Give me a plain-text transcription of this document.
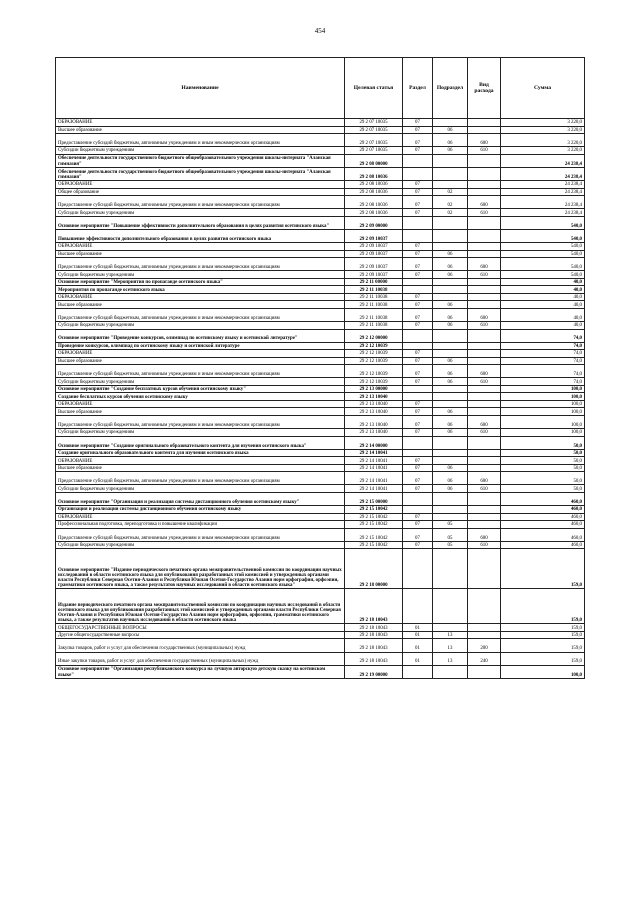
454
Наименование	Целевая статья	Раздел	Подраздел	Вид расхода	Сумма
ОБРАЗОВАНИЕ	29 2 07 10035	07			3 220,0
Высшее образование	29 2 07 10035	07	06		3 220,0
Предоставление субсидий бюджетным, автономным учреждениям и иным некоммерческим организациям	29 2 07 10035	07	06	600	3 220,0
Субсидии бюджетным учреждениям	29 2 07 10035	07	06	610	3 220,0
Обеспечение деятельности государственного бюджетного общеобразовательного учреждения школы-интерната "Аланская гимназия"	29 2 08 00000				24 238,4
Обеспечение деятельности государственного бюджетного общеобразовательного учреждения школы-интерната "Аланская гимназия"	29 2 08 10036				24 238,4
ОБРАЗОВАНИЕ	29 2 08 10036	07			24 238,4
Общее образование	29 2 08 10036	07	02		24 238,4
Предоставление субсидий бюджетным, автономным учреждениям и иным некоммерческим организациям	29 2 08 10036	07	02	600	24 238,4
Субсидии бюджетным учреждениям	29 2 08 10036	07	02	610	24 238,4
Основное мероприятие "Повышение эффективности дополнительного образования в целях развития осетинского языка"	29 2 09 00000				540,0
Повышение эффективности дополнительного образования в целях развития осетинского языка	29 2 09 10037				540,0
ОБРАЗОВАНИЕ	29 2 09 10037	07			540,0
Высшее образование	29 2 09 10037	07	06		540,0
Предоставление субсидий бюджетным, автономным учреждениям и иным некоммерческим организациям	29 2 09 10037	07	06	600	540,0
Субсидии бюджетным учреждениям	29 2 09 10037	07	06	610	540,0
Основное мероприятие "Мероприятия по пропаганде осетинского языка"	29 2 11 00000				40,0
Мероприятия по пропаганде осетинского языка	29 2 11 10038				40,0
ОБРАЗОВАНИЕ	29 2 11 10038	07			40,0
Высшее образование	29 2 11 10038	07	06		40,0
Предоставление субсидий бюджетным, автономным учреждениям и иным некоммерческим организациям	29 2 11 10038	07	06	600	40,0
Субсидии бюджетным учреждениям	29 2 11 10038	07	06	610	40,0
Основное мероприятие "Проведение конкурсов, олимпиад по осетинскому языку и осетинской литературе"	29 2 12 00000				74,0
Проведение конкурсов, олимпиад по осетинскому языку и осетинской литературе	29 2 12 10039				74,0
ОБРАЗОВАНИЕ	29 2 12 10039	07			74,0
Высшее образование	29 2 12 10039	07	06		74,0
Предоставление субсидий бюджетным, автономным учреждениям и иным некоммерческим организациям	29 2 12 10039	07	06	600	74,0
Субсидии бюджетным учреждениям	29 2 12 10039	07	06	610	74,0
Основное мероприятие "Создание бесплатных курсов обучения осетинскому языку"	29 2 13 00000				100,0
Создание бесплатных курсов обучения осетинскому языку	29 2 13 10040				100,0
ОБРАЗОВАНИЕ	29 2 13 10040	07			100,0
Высшее образование	29 2 13 10040	07	06		100,0
Предоставление субсидий бюджетным, автономным учреждениям и иным некоммерческим организациям	29 2 13 10040	07	06	600	100,0
Субсидии бюджетным учреждениям	29 2 13 10040	07	06	610	100,0
Основное мероприятие "Создание оригинального образовательного контента для изучения осетинского языка"	29 2 14 00000				50,0
Создание оригинального образовательного контента для изучения осетинского языка	29 2 14 10041				50,0
ОБРАЗОВАНИЕ	29 2 14 10041	07			50,0
Высшее образование	29 2 14 10041	07	06		50,0
Предоставление субсидий бюджетным, автономным учреждениям и иным некоммерческим организациям	29 2 14 10041	07	06	600	50,0
Субсидии бюджетным учреждениям	29 2 14 10041	07	06	610	50,0
Основное мероприятие "Организация и реализация системы дистанционного обучения осетинскому языку"	29 2 15 00000				460,0
Организация и реализация системы дистанционного обучения осетинскому языку	29 2 15 10042				460,0
ОБРАЗОВАНИЕ	29 2 15 10042	07			460,0
Профессиональная подготовка, переподготовка и повышение квалификации	29 2 15 10042	07	05		460,0
Предоставление субсидий бюджетным, автономным учреждениям и иным некоммерческим организациям	29 2 15 10042	07	05	600	460,0
Субсидии бюджетным учреждениям	29 2 15 10042	07	05	610	460,0
Основное мероприятие "Издание периодического печатного органа межправительственной комиссии по координации научных исследований в области осетинского языка для опубликования разработанных этой комиссией и утвержденных органами власти Республики Северная Осетия-Алания и Республики Южная Осетия-Государство Алания норм орфографии, орфоэпии, грамматики осетинского языка, а также результатов научных исследований в области осетинского языка"	29 2 18 00000				159,0
Издание периодического печатного органа межправительственной комиссии по координации научных исследований в области осетинского языка для опубликования разработанных этой комиссией и утвержденных органами власти Республики Северная Осетия-Алания и Республики Южная Осетия-Государство Алания норм орфографии, орфоэпии, грамматики осетинского языка, а также результатов научных исследований в области осетинского языка	29 2 18 10043				159,0
ОБЩЕГОСУДАРСТВЕННЫЕ ВОПРОСЫ	29 2 18 10043	01			159,0
Другие общегосударственные вопросы	29 2 18 10043	01	13		159,0
Закупка товаров, работ и услуг для обеспечения государственных (муниципальных) нужд	29 2 18 10043	01	13	200	159,0
Иные закупки товаров, работ и услуг для обеспечения государственных (муниципальных) нужд	29 2 18 10043	01	13	240	159,0
Основное мероприятие "Организация республиканского конкурса на лучшую авторскую детскую сказку на осетинском языке"	29 2 19 00000				100,0
